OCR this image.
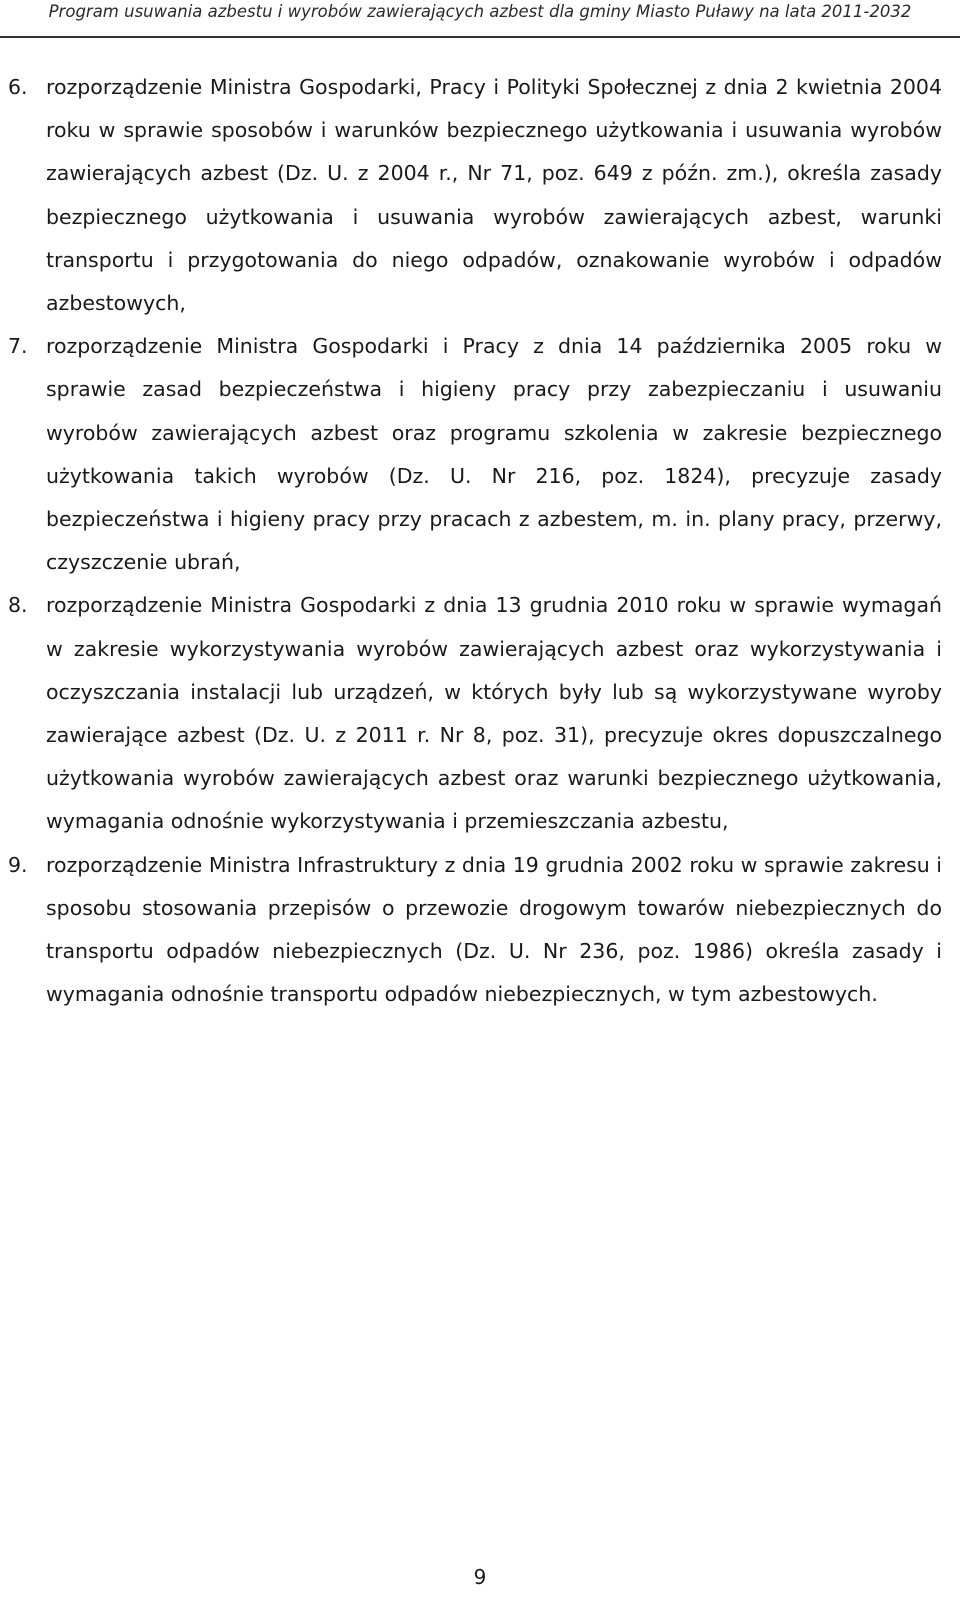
Program usuwania azbestu i wyrobów zawierających azbest dla gminy Miasto Puławy na lata 2011-2032

6. rozporządzenie Ministra Gospodarki, Pracy i Polityki Społecznej z dnia 2 kwietnia 2004 roku w sprawie sposobów i warunków bezpiecznego użytkowania i usuwania wyrobów zawierających azbest (Dz. U. z 2004 r., Nr 71, poz. 649 z późn. zm.), określa zasady bezpiecznego użytkowania i usuwania wyrobów zawierających azbest, warunki transportu i przygotowania do niego odpadów, oznakowanie wyrobów i odpadów azbestowych,

7. rozporządzenie Ministra Gospodarki i Pracy z dnia 14 października 2005 roku w sprawie zasad bezpieczeństwa i higieny pracy przy zabezpieczaniu i usuwaniu wyrobów zawierających azbest oraz programu szkolenia w zakresie bezpiecznego użytkowania takich wyrobów (Dz. U. Nr 216, poz. 1824), precyzuje zasady bezpieczeństwa i higieny pracy przy pracach z azbestem, m. in. plany pracy, przerwy, czyszczenie ubrań,

8. rozporządzenie Ministra Gospodarki z dnia 13 grudnia 2010 roku w sprawie wymagań w zakresie wykorzystywania wyrobów zawierających azbest oraz wykorzystywania i oczyszczania instalacji lub urządzeń, w których były lub są wykorzystywane wyroby zawierające azbest (Dz. U. z 2011 r. Nr 8, poz. 31), precyzuje okres dopuszczalnego użytkowania wyrobów zawierających azbest oraz warunki bezpiecznego użytkowania, wymagania odnośnie wykorzystywania i przemieszczania azbestu,

9. rozporządzenie Ministra Infrastruktury z dnia 19 grudnia 2002 roku w sprawie zakresu i sposobu stosowania przepisów o przewozie drogowym towarów niebezpiecznych do transportu odpadów niebezpiecznych (Dz. U. Nr 236, poz. 1986) określa zasady i wymagania odnośnie transportu odpadów niebezpiecznych, w tym azbestowych.

9
